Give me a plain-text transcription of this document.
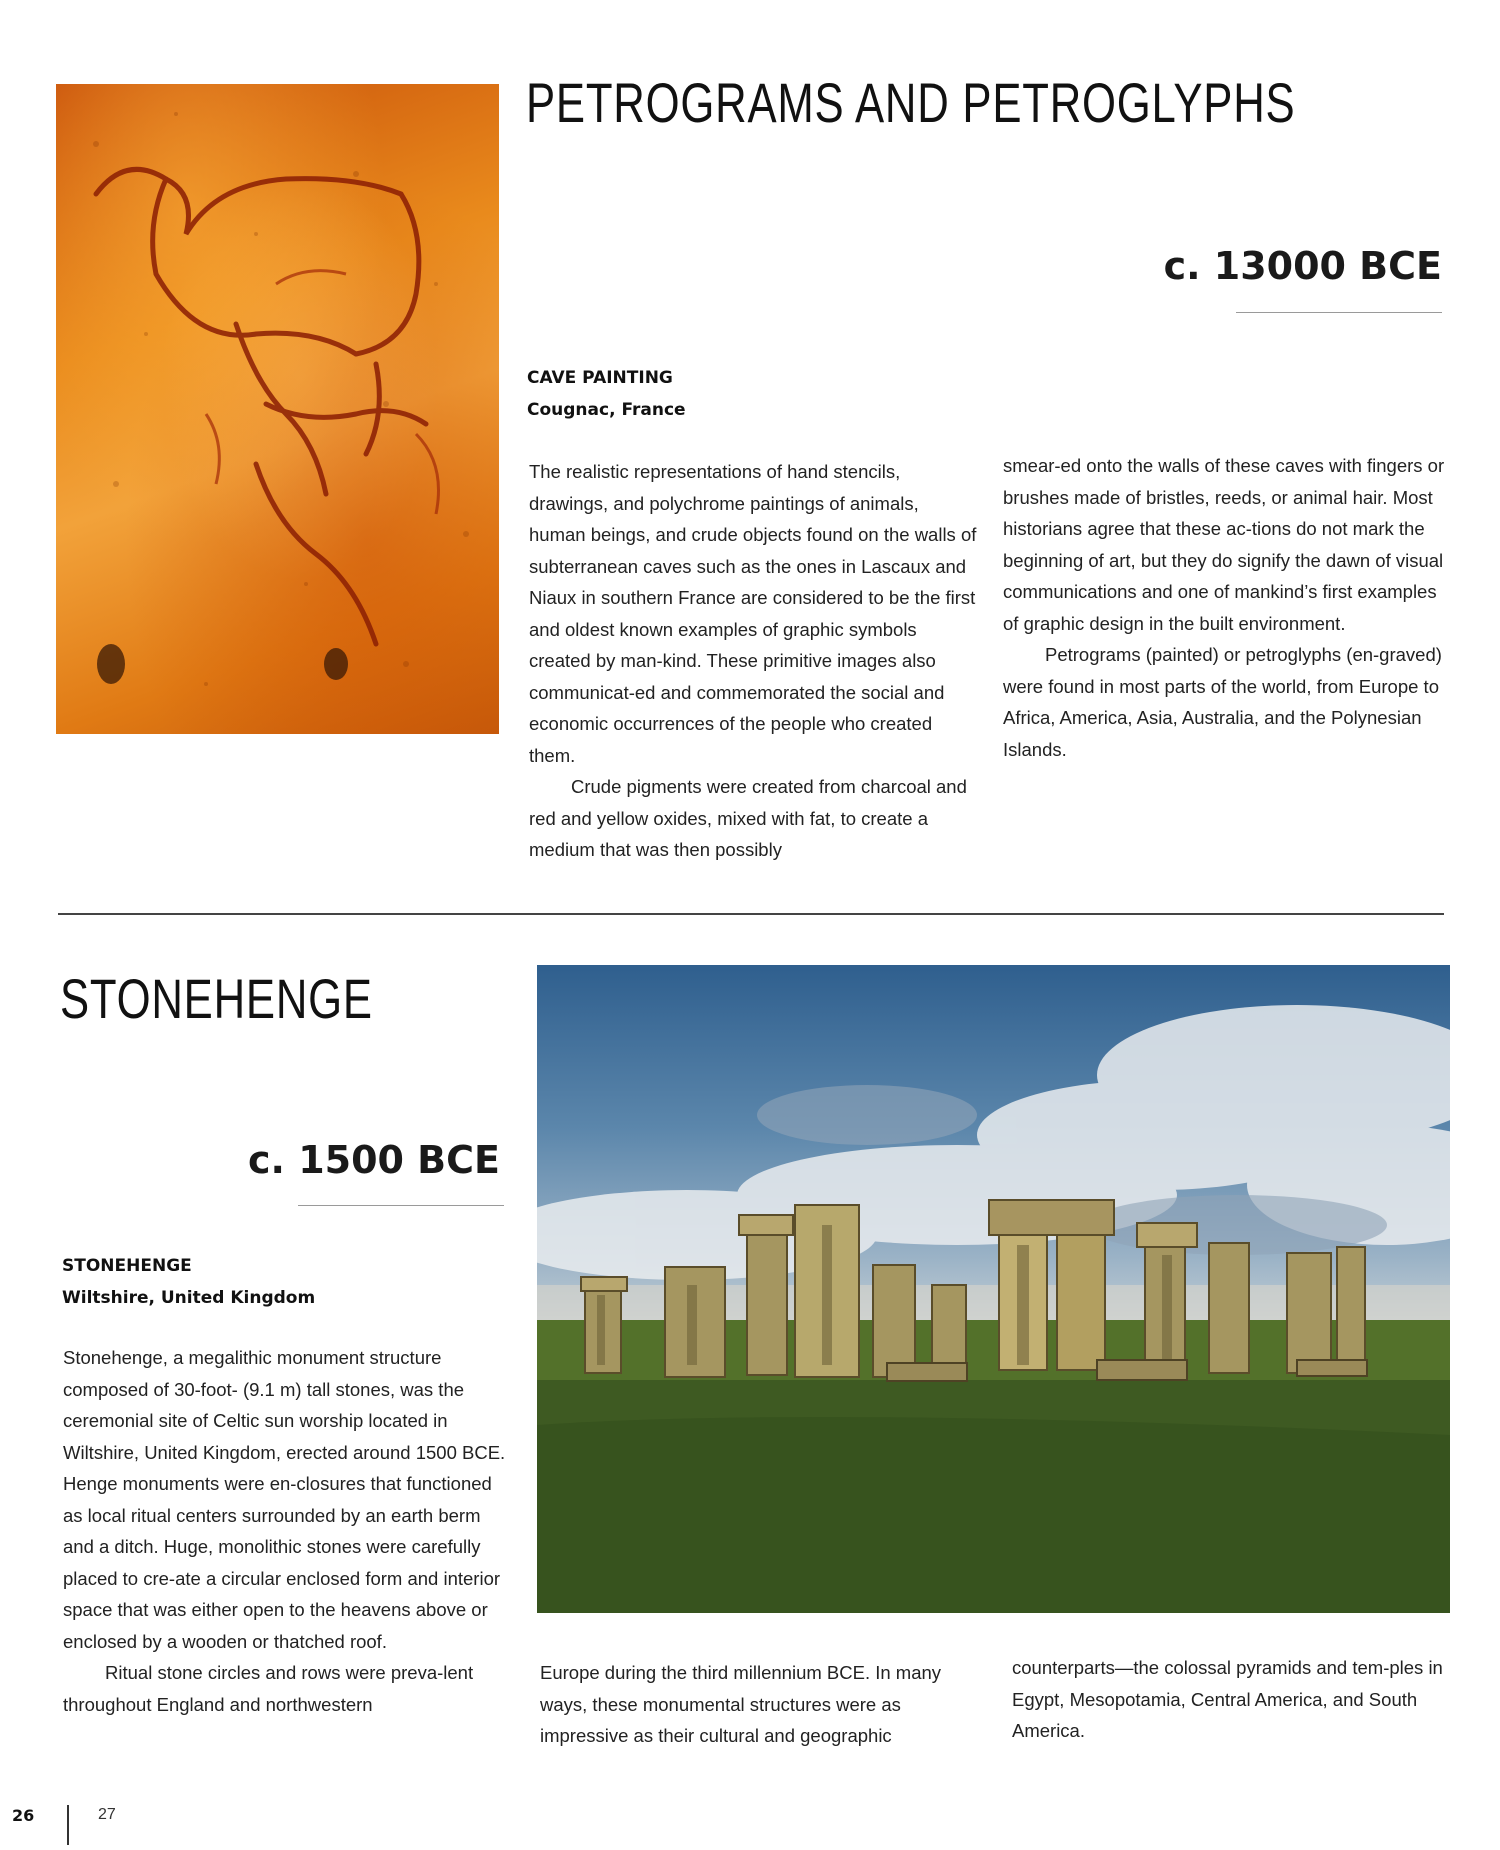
PETROGRAMS AND PETROGLYPHS
c. 13000 BCE
CAVE PAINTING
Cougnac, France

The realistic representations of hand stencils, drawings, and polychrome paintings of animals, human beings, and crude objects found on the walls of subterranean caves such as the ones in Lascaux and Niaux in southern France are considered to be the first and oldest known examples of graphic symbols created by man-kind. These primitive images also communicat-ed and commemorated the social and economic occurrences of the people who created them.

Crude pigments were created from charcoal and red and yellow oxides, mixed with fat, to create a medium that was then possibly

smear-ed onto the walls of these caves with fingers or brushes made of bristles, reeds, or animal hair. Most historians agree that these ac-tions do not mark the beginning of art, but they do signify the dawn of visual communications and one of mankind’s first examples of graphic design in the built environment.

Petrograms (painted) or petroglyphs (en-graved) were found in most parts of the world, from Europe to Africa, America, Asia, Australia, and the Polynesian Islands.

STONEHENGE
c. 1500 BCE
STONEHENGE
Wiltshire, United Kingdom

Stonehenge, a megalithic monument structure composed of 30-foot- (9.1 m) tall stones, was the ceremonial site of Celtic sun worship located in Wiltshire, United Kingdom, erected around 1500 BCE. Henge monuments were en-closures that functioned as local ritual centers surrounded by an earth berm and a ditch. Huge, monolithic stones were carefully placed to cre-ate a circular enclosed form and interior space that was either open to the heavens above or enclosed by a wooden or thatched roof.

Ritual stone circles and rows were preva-lent throughout England and northwestern

Europe during the third millennium BCE. In many ways, these monumental structures were as impressive as their cultural and geographic

counterparts—the colossal pyramids and tem-ples in Egypt, Mesopotamia, Central America, and South America.

26	27
